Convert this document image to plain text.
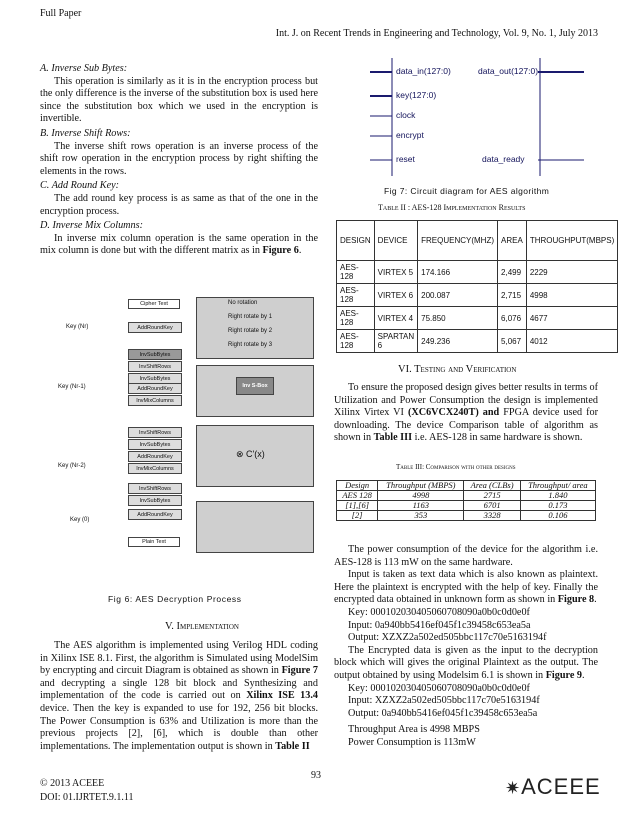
Full Paper
Int. J. on Recent Trends in Engineering and Technology, Vol. 9, No. 1, July 2013

A. Inverse Sub Bytes:

This operation is similarly as it is in the encryption process but the only difference is the inverse of the substitution box is used here since the substitution box which we used in the encryption is invertible.

B. Inverse Shift Rows:

The inverse shift rows operation is an inverse process of the shift row operation in the encryption process by right shifting the elements in the rows.

C. Add Round Key:

The add round key process is as same as that of the one in the encryption process.

D. Inverse Mix Columns:

In inverse mix column operation is the same operation in the mix column is done but with the different matrix as in Figure 6.

Cipher Text
Key (Nr)	AddRoundKey
InvSubBytes
InvShiftRows
InvSubBytes
Key (Nr-1)	AddRoundKey
InvMixColumns
InvShiftRows
InvSubBytes
Key (Nr-2)
AddRoundKey
InvMixColumns
InvShiftRows
InvSubBytes
Key (0)
AddRoundKey
Plain Text
No rotation
Right rotate by 1
Right rotate by 2
Right rotate by 3
Inv S-Box
⊗ C'(x)
Fig 6: AES Decryption Process
V. Implementation

The AES algorithm is implemented using Verilog HDL coding in Xilinx ISE 8.1. First, the algorithm is Simulated using ModelSim by encrypting and circuit Diagram is obtained as shown in Figure 7 and decrypting a single 128 bit block and Synthesizing and implementation of the code is carried out on Xilinx ISE 13.4 device. Then the key is expanded to use for 192, 256 bit blocks. The Power Consumption is 63% and Utilization is more than the previous projects [2], [6], which is double than other implementations. The implementation output is shown in Table II

data_in(127:0)	data_out(127:0)
key(127:0)
clock
encrypt
reset	data_ready
Fig 7: Circuit diagram for AES algorithm
Table II : AES-128 Implementation Results
DESIGN	DEVICE	FREQUENCY(MHZ)	AREA	THROUGHPUT(MBPS)
AES-128	VIRTEX 5	174.166	2,499	2229
AES-128	VIRTEX 6	200.087	2,715	4998
AES-128	VIRTEX 4	75.850	6,076	4677
AES-128	SPARTAN 6	249.236	5,067	4012
VI. Testing and Verification

To ensure the proposed design gives better results in terms of Utilization and Power Consumption the design is implemented Xilinx Virtex VI (XC6VCX240T) and FPGA device used for downloading. The device Comparison table of algorithm as shown in Table III i.e. AES-128 in same hardware is shown.

Table III: Comparison with other designs
Design	Throughput (MBPS)	Area (CLBs)	Throughput/ area
AES 128	4998	2715	1.840
[1],[6]	1163	6701	0.173
[2]	353	3328	0.106

The power consumption of the device for the algorithm i.e. AES-128 is 113 mW on the same hardware.

Input is taken as text data which is also known as plaintext. Here the plaintext is encrypted with the help of key. Finally the encrypted data obtained in unknown form as shown in Figure 8.

Key: 000102030405060708090a0b0c0d0e0f

Input: 0a940bb5416ef045f1c39458c653ea5a

Output: XZXZ2a502ed505bbc117c70e5163194f

The Encrypted data is given as the input to the decryption block which will gives the original Plaintext as the output. The output obtained by using Modelsim 6.1 is shown in Figure 9.

Key: 000102030405060708090a0b0c0d0e0f

Input: XZXZ2a502ed505bbc117c70e5163194f

Output: 0a940bb5416ef045f1c39458c653ea5a

Throughput Area is 4998 MBPS

Power Consumption is 113mW

© 2013 ACEEE
DOI: 01.IJRTET.9.1.11
93
✷ACEEE
